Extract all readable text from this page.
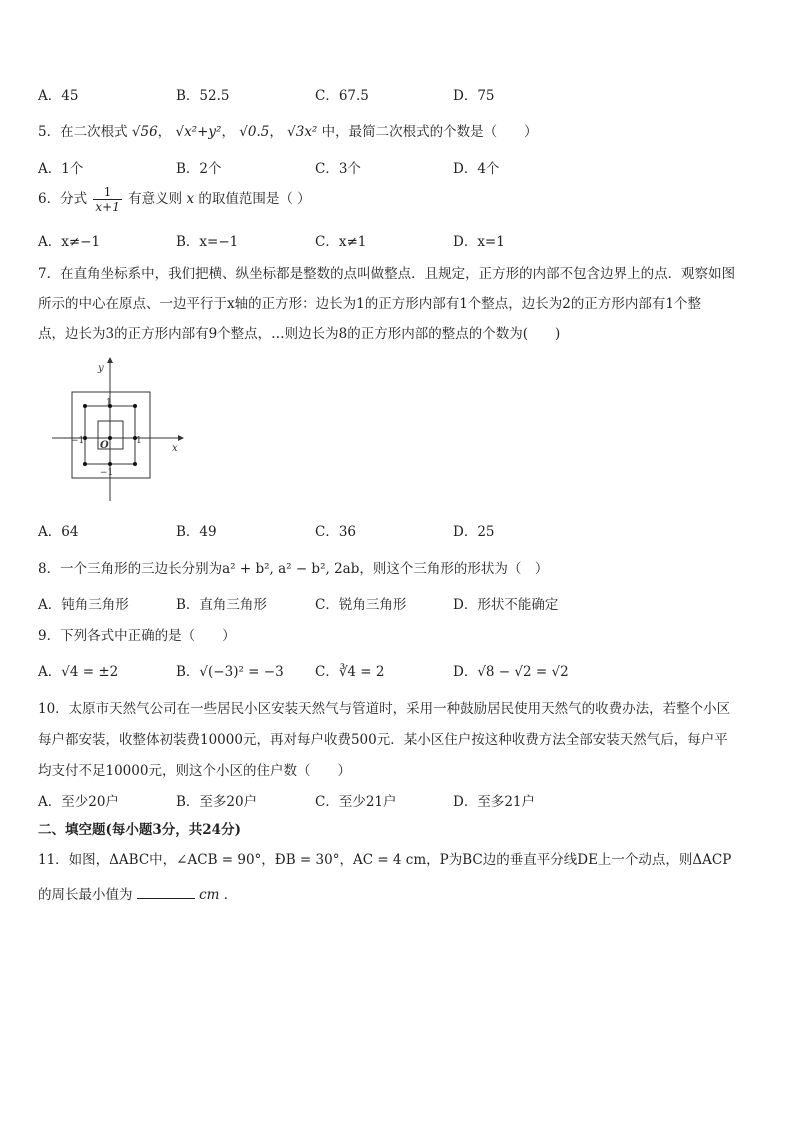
A．45	B．52.5	C．67.5	D．75
5．在二次根式 √56， √x²+y²， √0.5， √3x² 中，最简二次根式的个数是（　　）
A．1个	B．2个	C．3个	D．4个
6．分式 $\frac{1}{x+1}$ 有意义则 x 的取值范围是（ ）
A．x≠−1	B．x=−1	C．x≠1	D．x=1
7．在直角坐标系中，我们把横、纵坐标都是整数的点叫做整点．且规定，正方形的内部不包含边界上的点．观察如图
所示的中心在原点、一边平行于x轴的正方形：边长为1的正方形内部有1个整点，边长为2的正方形内部有1个整
点，边长为3的正方形内部有9个整点，…则边长为8的正方形内部的整点的个数为(　　)
y
x
O
1
−1	1
−1
A．64	B．49	C．36	D．25
8．一个三角形的三边长分别为a² + b², a² − b², 2ab，则这个三角形的形状为（　）
A．钝角三角形	B．直角三角形	C．锐角三角形	D．形状不能确定
9．下列各式中正确的是（　　）
A．√4 = ±2	B．√(−3)² = −3 C．∛4 = 2	D．√8 − √2 = √2
10．太原市天然气公司在一些居民小区安装天然气与管道时，采用一种鼓励居民使用天然气的收费办法，若整个小区
每户都安装，收整体初装费10000元，再对每户收费500元．某小区住户按这种收费方法全部安装天然气后，每户平
均支付不足10000元，则这个小区的住户数（　　）
A．至少20户	B．至多20户	C．至少21户	D．至多21户
二、填空题(每小题3分，共24分)
11．如图，ΔABC中，∠ACB = 90°，ÐB = 30°，AC = 4 cm，P为BC边的垂直平分线DE上一个动点，则ΔACP
的周长最小值为	cm ．
